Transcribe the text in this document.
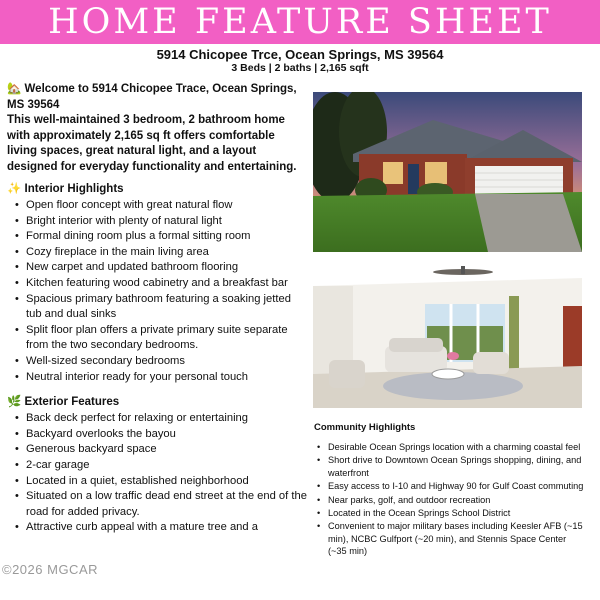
HOME FEATURE SHEET
5914 Chicopee Trce, Ocean Springs, MS 39564
3 Beds | 2 baths | 2,165 sqft
🏡 Welcome to 5914 Chicopee Trace, Ocean Springs, MS 39564
This well-maintained 3 bedroom, 2 bathroom home with approximately 2,165 sq ft offers comfortable living spaces, great natural light, and a layout designed for everyday functionality and entertaining.
✨ Interior Highlights
• Open floor concept with great natural flow
• Bright interior with plenty of natural light
• Formal dining room plus a formal sitting room
• Cozy fireplace in the main living area
• New carpet and updated bathroom flooring
• Kitchen featuring wood cabinetry and a breakfast bar
• Spacious primary bathroom featuring a soaking jetted tub and dual sinks
• Split floor plan offers a private primary suite separate from the two secondary bedrooms.
• Well-sized secondary bedrooms
• Neutral interior ready for your personal touch
🌿 Exterior Features
• Back deck perfect for relaxing or entertaining
• Backyard overlooks the bayou
• Generous backyard space
• 2-car garage
• Located in a quiet, established neighborhood
• Situated on a low traffic dead end street at the end of the road for added privacy.
• Attractive curb appeal with a mature tree and a
Community Highlights
• Desirable Ocean Springs location with a charming coastal feel
• Short drive to Downtown Ocean Springs shopping, dining, and waterfront
• Easy access to I-10 and Highway 90 for Gulf Coast commuting
• Near parks, golf, and outdoor recreation
• Located in the Ocean Springs School District
• Convenient to major military bases including Keesler AFB (~15 min), NCBC Gulfport (~20 min), and Stennis Space Center (~35 min)
©2026 MGCAR
